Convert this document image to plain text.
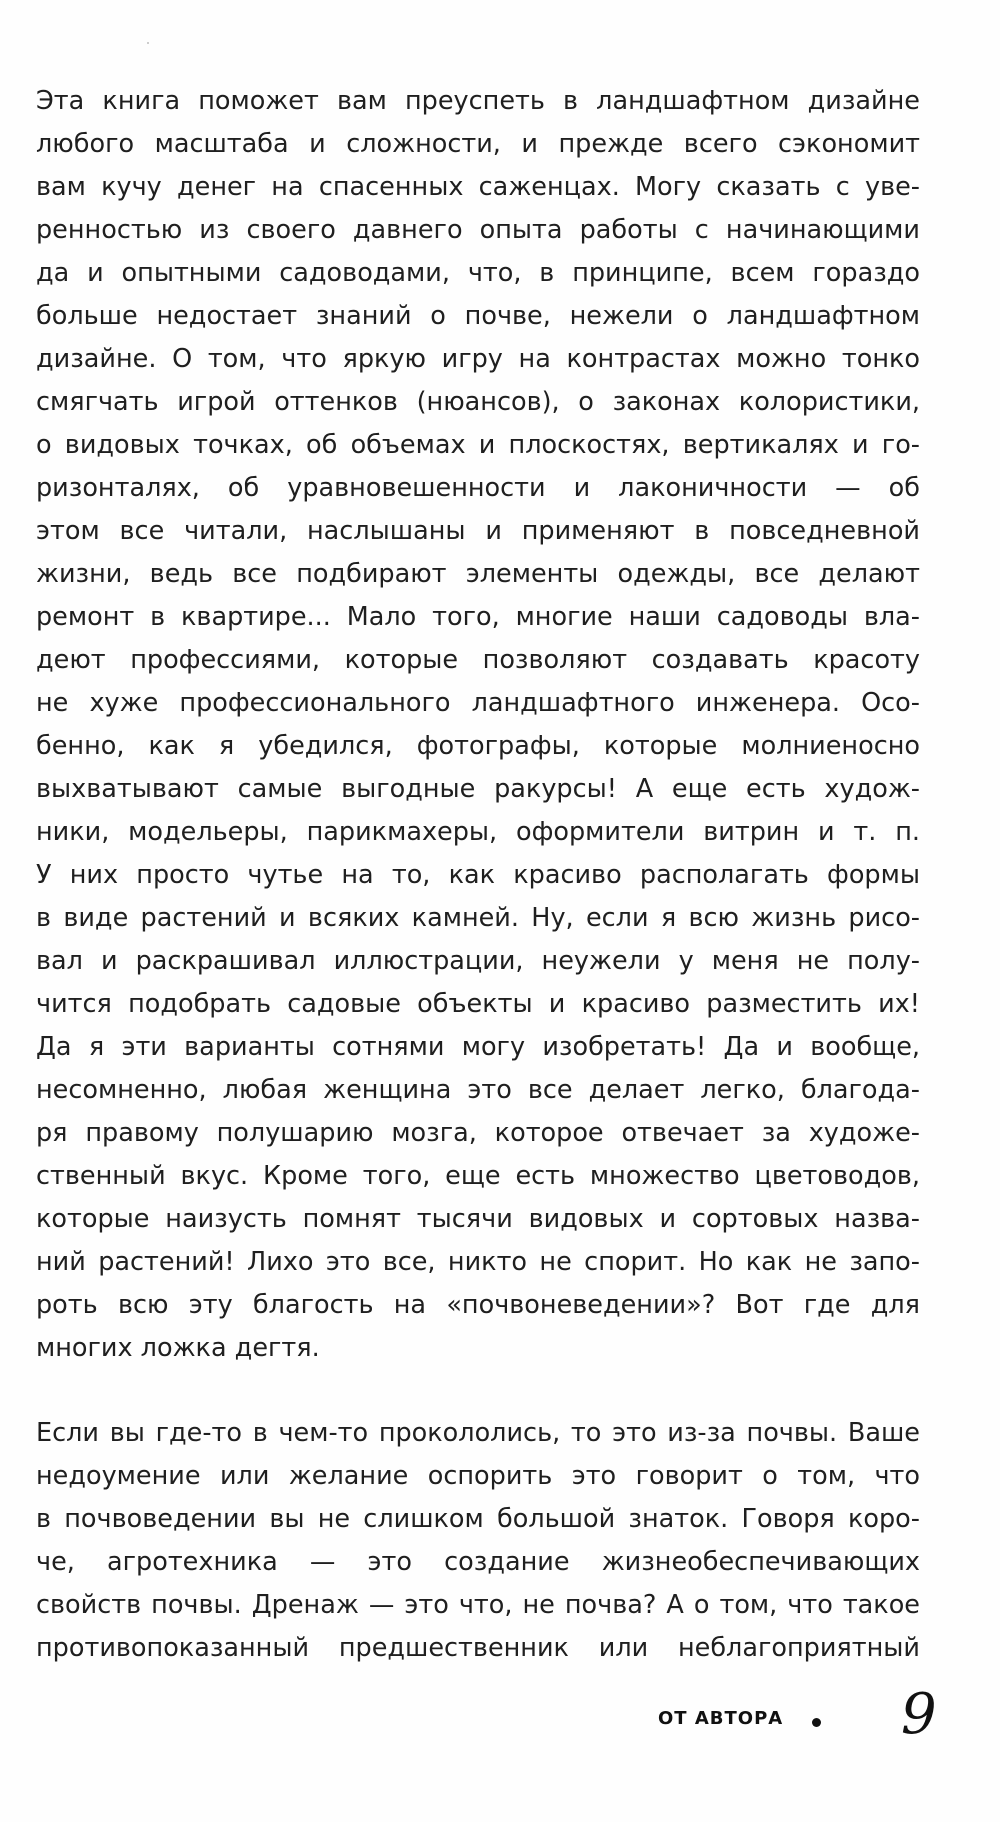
Эта книга поможет вам преуспеть в ландшафтном дизайне
любого масштаба и сложности, и прежде всего сэкономит
вам кучу денег на спасенных саженцах. Могу сказать с уве-
ренностью из своего давнего опыта работы с начинающими
да и опытными садоводами, что, в принципе, всем гораздо
больше недостает знаний о почве, нежели о ландшафтном
дизайне. О том, что яркую игру на контрастах можно тонко
смягчать игрой оттенков (нюансов), о законах колористики,
о видовых точках, об объемах и плоскостях, вертикалях и го-
ризонталях, об уравновешенности и лаконичности — об
этом все читали, наслышаны и применяют в повседневной
жизни, ведь все подбирают элементы одежды, все делают
ремонт в квартире... Мало того, многие наши садоводы вла-
деют профессиями, которые позволяют создавать красоту
не хуже профессионального ландшафтного инженера. Осо-
бенно, как я убедился, фотографы, которые молниеносно
выхватывают самые выгодные ракурсы! А еще есть худож-
ники, модельеры, парикмахеры, оформители витрин и т. п.
У них просто чутье на то, как красиво располагать формы
в виде растений и всяких камней. Ну, если я всю жизнь рисо-
вал и раскрашивал иллюстрации, неужели у меня не полу-
чится подобрать садовые объекты и красиво разместить их!
Да я эти варианты сотнями могу изобретать! Да и вообще,
несомненно, любая женщина это все делает легко, благода-
ря правому полушарию мозга, которое отвечает за художе-
ственный вкус. Кроме того, еще есть множество цветоводов,
которые наизусть помнят тысячи видовых и сортовых назва-
ний растений! Лихо это все, никто не спорит. Но как не запо-
роть всю эту благость на «почвоневедении»? Вот где для
многих ложка дегтя.
Если вы где-то в чем-то прокололись, то это из-за почвы. Ваше
недоумение или желание оспорить это говорит о том, что
в почвоведении вы не слишком большой знаток. Говоря коро-
че, агротехника — это создание жизнеобеспечивающих
свойств почвы. Дренаж — это что, не почва? А о том, что такое
противопоказанный предшественник или неблагоприятный
ОТ АВТОРА 9
